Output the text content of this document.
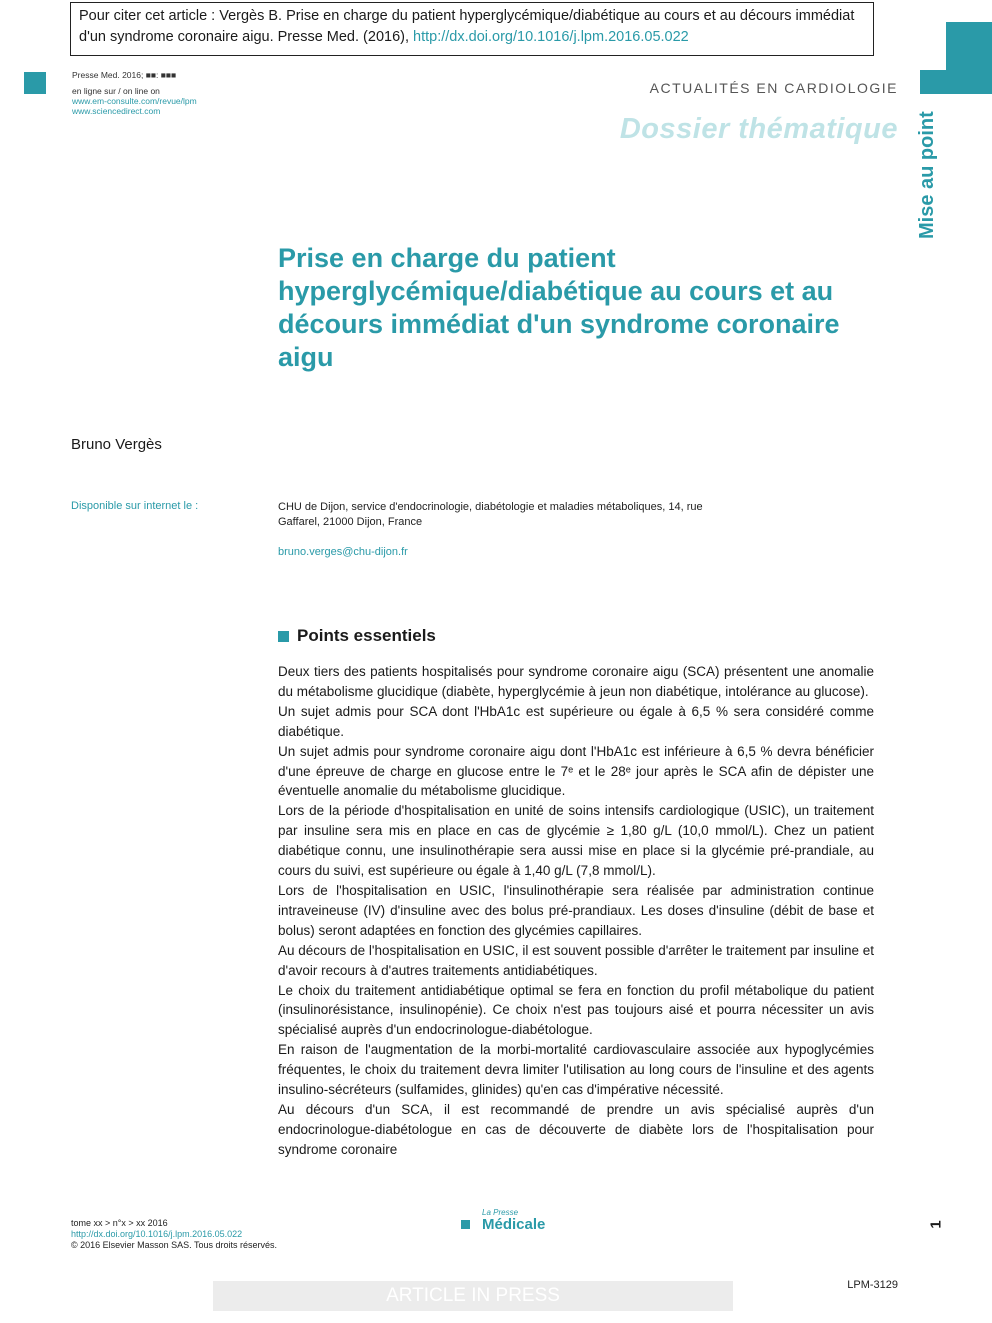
Pour citer cet article : Vergès B. Prise en charge du patient hyperglycémique/diabétique au cours et au décours immédiat d'un syndrome coronaire aigu. Presse Med. (2016), http://dx.doi.org/10.1016/j.lpm.2016.05.022
Mise au point
Presse Med. 2016; ■■: ■■■
en ligne sur / on line on
www.em-consulte.com/revue/lpm
www.sciencedirect.com
ACTUALITÉS EN CARDIOLOGIE
Dossier thématique
Prise en charge du patient hyperglycémique/diabétique au cours et au décours immédiat d'un syndrome coronaire aigu
Bruno Vergès
Disponible sur internet le :	CHU de Dijon, service d'endocrinologie, diabétologie et maladies métaboliques, 14, rue Gaffarel, 21000 Dijon, France
bruno.verges@chu-dijon.fr
Points essentiels

Deux tiers des patients hospitalisés pour syndrome coronaire aigu (SCA) présentent une anomalie du métabolisme glucidique (diabète, hyperglycémie à jeun non diabétique, intolérance au glucose).

Un sujet admis pour SCA dont l'HbA1c est supérieure ou égale à 6,5 % sera considéré comme diabétique.

Un sujet admis pour syndrome coronaire aigu dont l'HbA1c est inférieure à 6,5 % devra bénéficier d'une épreuve de charge en glucose entre le 7ᵉ et le 28ᵉ jour après le SCA afin de dépister une éventuelle anomalie du métabolisme glucidique.

Lors de la période d'hospitalisation en unité de soins intensifs cardiologique (USIC), un traitement par insuline sera mis en place en cas de glycémie ≥ 1,80 g/L (10,0 mmol/L). Chez un patient diabétique connu, une insulinothérapie sera aussi mise en place si la glycémie pré-prandiale, au cours du suivi, est supérieure ou égale à 1,40 g/L (7,8 mmol/L).

Lors de l'hospitalisation en USIC, l'insulinothérapie sera réalisée par administration continue intraveineuse (IV) d'insuline avec des bolus pré-prandiaux. Les doses d'insuline (débit de base et bolus) seront adaptées en fonction des glycémies capillaires.

Au décours de l'hospitalisation en USIC, il est souvent possible d'arrêter le traitement par insuline et d'avoir recours à d'autres traitements antidiabétiques.

Le choix du traitement antidiabétique optimal se fera en fonction du profil métabolique du patient (insulinorésistance, insulinopénie). Ce choix n'est pas toujours aisé et pourra nécessiter un avis spécialisé auprès d'un endocrinologue-diabétologue.

En raison de l'augmentation de la morbi-mortalité cardiovasculaire associée aux hypoglycémies fréquentes, le choix du traitement devra limiter l'utilisation au long cours de l'insuline et des agents insulino-sécréteurs (sulfamides, glinides) qu'en cas d'impérative nécessité.

Au décours d'un SCA, il est recommandé de prendre un avis spécialisé auprès d'un endocrinologue-diabétologue en cas de découverte de diabète lors de l'hospitalisation pour syndrome coronaire

tome xx > n°x > xx 2016
http://dx.doi.org/10.1016/j.lpm.2016.05.022
© 2016 Elsevier Masson SAS. Tous droits réservés.
La Presse
Médicale	1
ARTICLE IN PRESS	LPM-3129
